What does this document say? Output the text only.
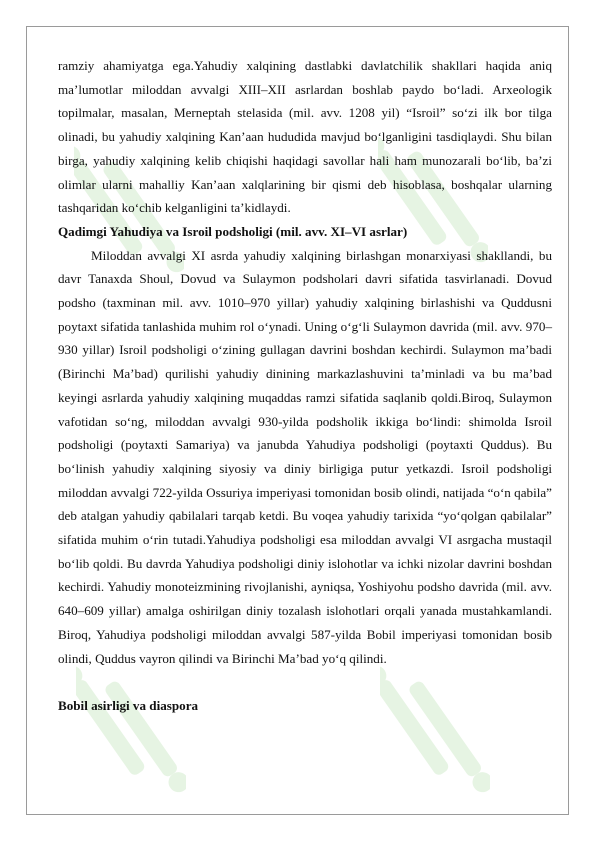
ramziy ahamiyatga ega.Yahudiy xalqining dastlabki davlatchilik shakllari haqida aniq ma’lumotlar miloddan avvalgi XIII–XII asrlardan boshlab paydo bo‘ladi. Arxeologik topilmalar, masalan, Merneptah stelasida (mil. avv. 1208 yil) “Isroil” so‘zi ilk bor tilga olinadi, bu yahudiy xalqining Kan’aan hududida mavjud bo‘lganligini tasdiqlaydi. Shu bilan birga, yahudiy xalqining kelib chiqishi haqidagi savollar hali ham munozarali bo‘lib, ba’zi olimlar ularni mahalliy Kan’aan xalqlarining bir qismi deb hisoblasa, boshqalar ularning tashqaridan ko‘chib kelganligini ta’kidlaydi.

Qadimgi Yahudiya va Isroil podsholigi (mil. avv. XI–VI asrlar)

Miloddan avvalgi XI asrda yahudiy xalqining birlashgan monarxiyasi shakllandi, bu davr Tanaxda Shoul, Dovud va Sulaymon podsholari davri sifatida tasvirlanadi. Dovud podsho (taxminan mil. avv. 1010–970 yillar) yahudiy xalqining birlashishi va Quddusni poytaxt sifatida tanlashida muhim rol o‘ynadi. Uning o‘g‘li Sulaymon davrida (mil. avv. 970–930 yillar) Isroil podsholigi o‘zining gullagan davrini boshdan kechirdi. Sulaymon ma’badi (Birinchi Ma’bad) qurilishi yahudiy dinining markazlashuvini ta’minladi va bu ma’bad keyingi asrlarda yahudiy xalqining muqaddas ramzi sifatida saqlanib qoldi.Biroq, Sulaymon vafotidan so‘ng, miloddan avvalgi 930-yilda podsholik ikkiga bo‘lindi: shimolda Isroil podsholigi (poytaxti Samariya) va janubda Yahudiya podsholigi (poytaxti Quddus). Bu bo‘linish yahudiy xalqining siyosiy va diniy birligiga putur yetkazdi. Isroil podsholigi miloddan avvalgi 722-yilda Ossuriya imperiyasi tomonidan bosib olindi, natijada “o‘n qabila” deb atalgan yahudiy qabilalari tarqab ketdi. Bu voqea yahudiy tarixida “yo‘qolgan qabilalar” sifatida muhim o‘rin tutadi.Yahudiya podsholigi esa miloddan avvalgi VI asrgacha mustaqil bo‘lib qoldi. Bu davrda Yahudiya podsholigi diniy islohotlar va ichki nizolar davrini boshdan kechirdi. Yahudiy monoteizmining rivojlanishi, ayniqsa, Yoshiyohu podsho davrida (mil. avv. 640–609 yillar) amalga oshirilgan diniy tozalash islohotlari orqali yanada mustahkamlandi. Biroq, Yahudiya podsholigi miloddan avvalgi 587-yilda Bobil imperiyasi tomonidan bosib olindi, Quddus vayron qilindi va Birinchi Ma’bad yo‘q qilindi.

Bobil asirligi va diaspora
